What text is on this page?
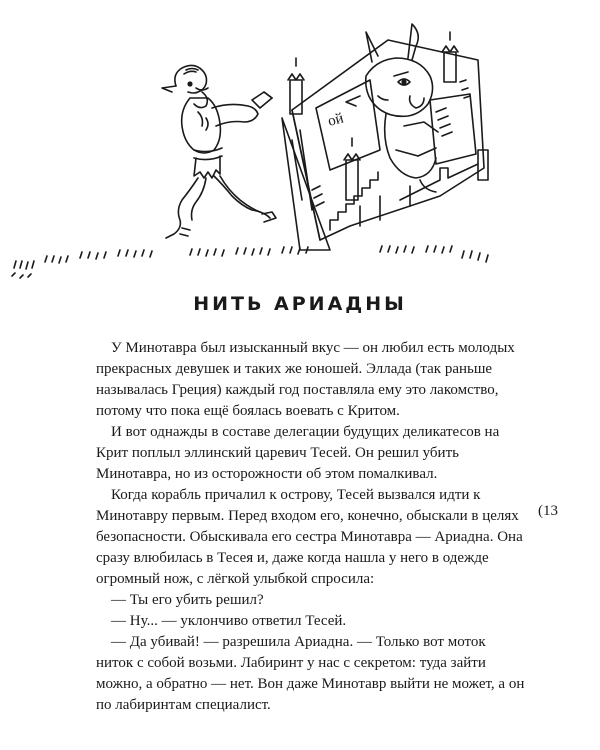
ой
НИТЬ АРИАДНЫ

У Минотавра был изысканный вкус — он любил есть молодых прекрасных девушек и таких же юношей. Эллада (так раньше называлась Греция) каждый год поставляла ему это лакомство, потому что пока ещё боялась воевать с Критом.

И вот однажды в составе делегации будущих деликатесов на Крит поплыл эллинский царевич Тесей. Он решил убить Минотавра, но из осторожности об этом помалкивал.

Когда корабль причалил к острову, Тесей вызвался идти к Минотавру первым. Перед входом его, конечно, обыскали в целях безопасности. Обыскивала его сестра Минотавра — Ариадна. Она сразу влюбилась в Тесея и, даже когда нашла у него в одежде огромный нож, с лёгкой улыбкой спросила:

— Ты его убить решил?

— Ну... — уклончиво ответил Тесей.

— Да убивай! — разрешила Ариадна. — Только вот моток ниток с собой возьми. Лабиринт у нас с секретом: туда зайти можно, а обратно — нет. Вон даже Минотавр выйти не может, а он по лабиринтам специалист.

(13
